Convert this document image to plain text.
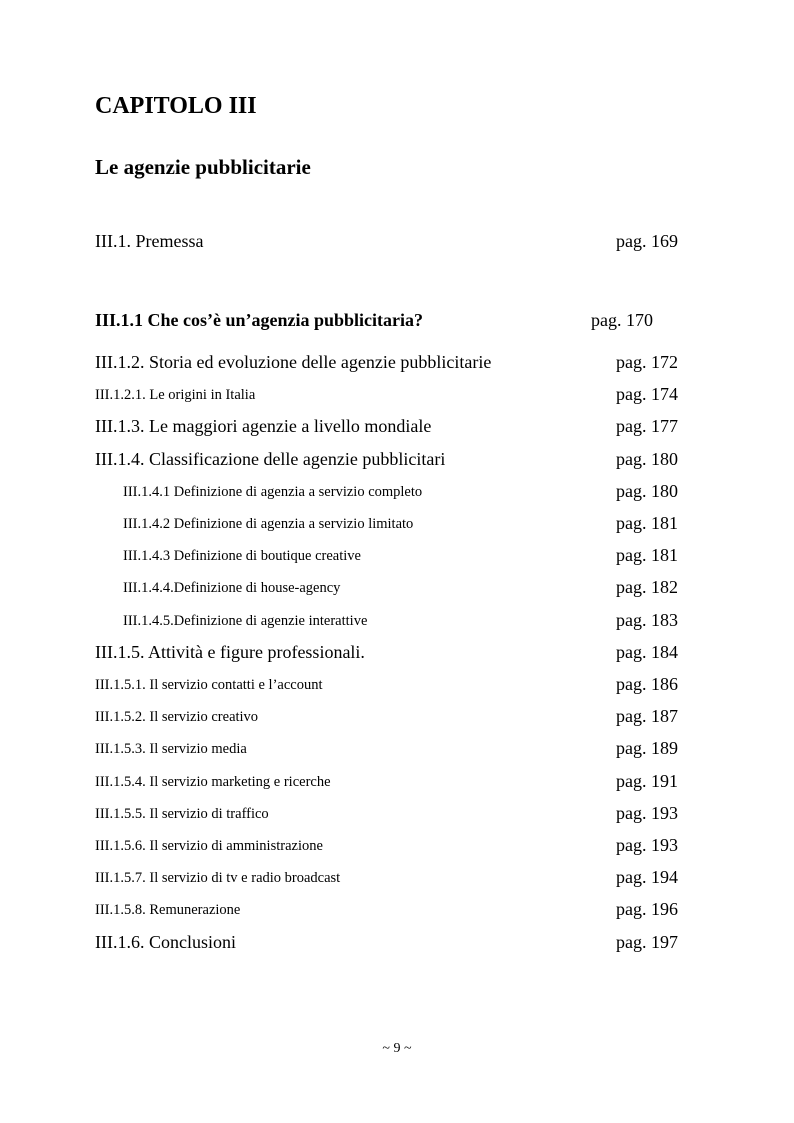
CAPITOLO III
Le agenzie pubblicitarie
III.1. Premessa	pag. 169
III.1.1 Che cos’è un’agenzia pubblicitaria?	pag. 170
III.1.2. Storia ed evoluzione delle agenzie pubblicitarie	pag. 172
III.1.2.1. Le origini in Italia	pag. 174
III.1.3. Le maggiori agenzie a livello mondiale	pag. 177
III.1.4. Classificazione delle agenzie pubblicitari	pag. 180
III.1.4.1 Definizione di agenzia a servizio completo	pag. 180
III.1.4.2 Definizione di agenzia a servizio limitato	pag. 181
III.1.4.3 Definizione di boutique creative	pag. 181
III.1.4.4.Definizione di house-agency	pag. 182
III.1.4.5.Definizione di agenzie interattive	pag. 183
III.1.5. Attività e figure professionali.	pag. 184
III.1.5.1. Il servizio contatti e l’account	pag. 186
III.1.5.2. Il servizio creativo	pag. 187
III.1.5.3. Il servizio media	pag. 189
III.1.5.4. Il servizio marketing e ricerche	pag. 191
III.1.5.5. Il servizio di traffico	pag. 193
III.1.5.6. Il servizio di amministrazione	pag. 193
III.1.5.7. Il servizio di tv e radio broadcast	pag. 194
III.1.5.8. Remunerazione	pag. 196
III.1.6. Conclusioni	pag. 197
~ 9 ~
